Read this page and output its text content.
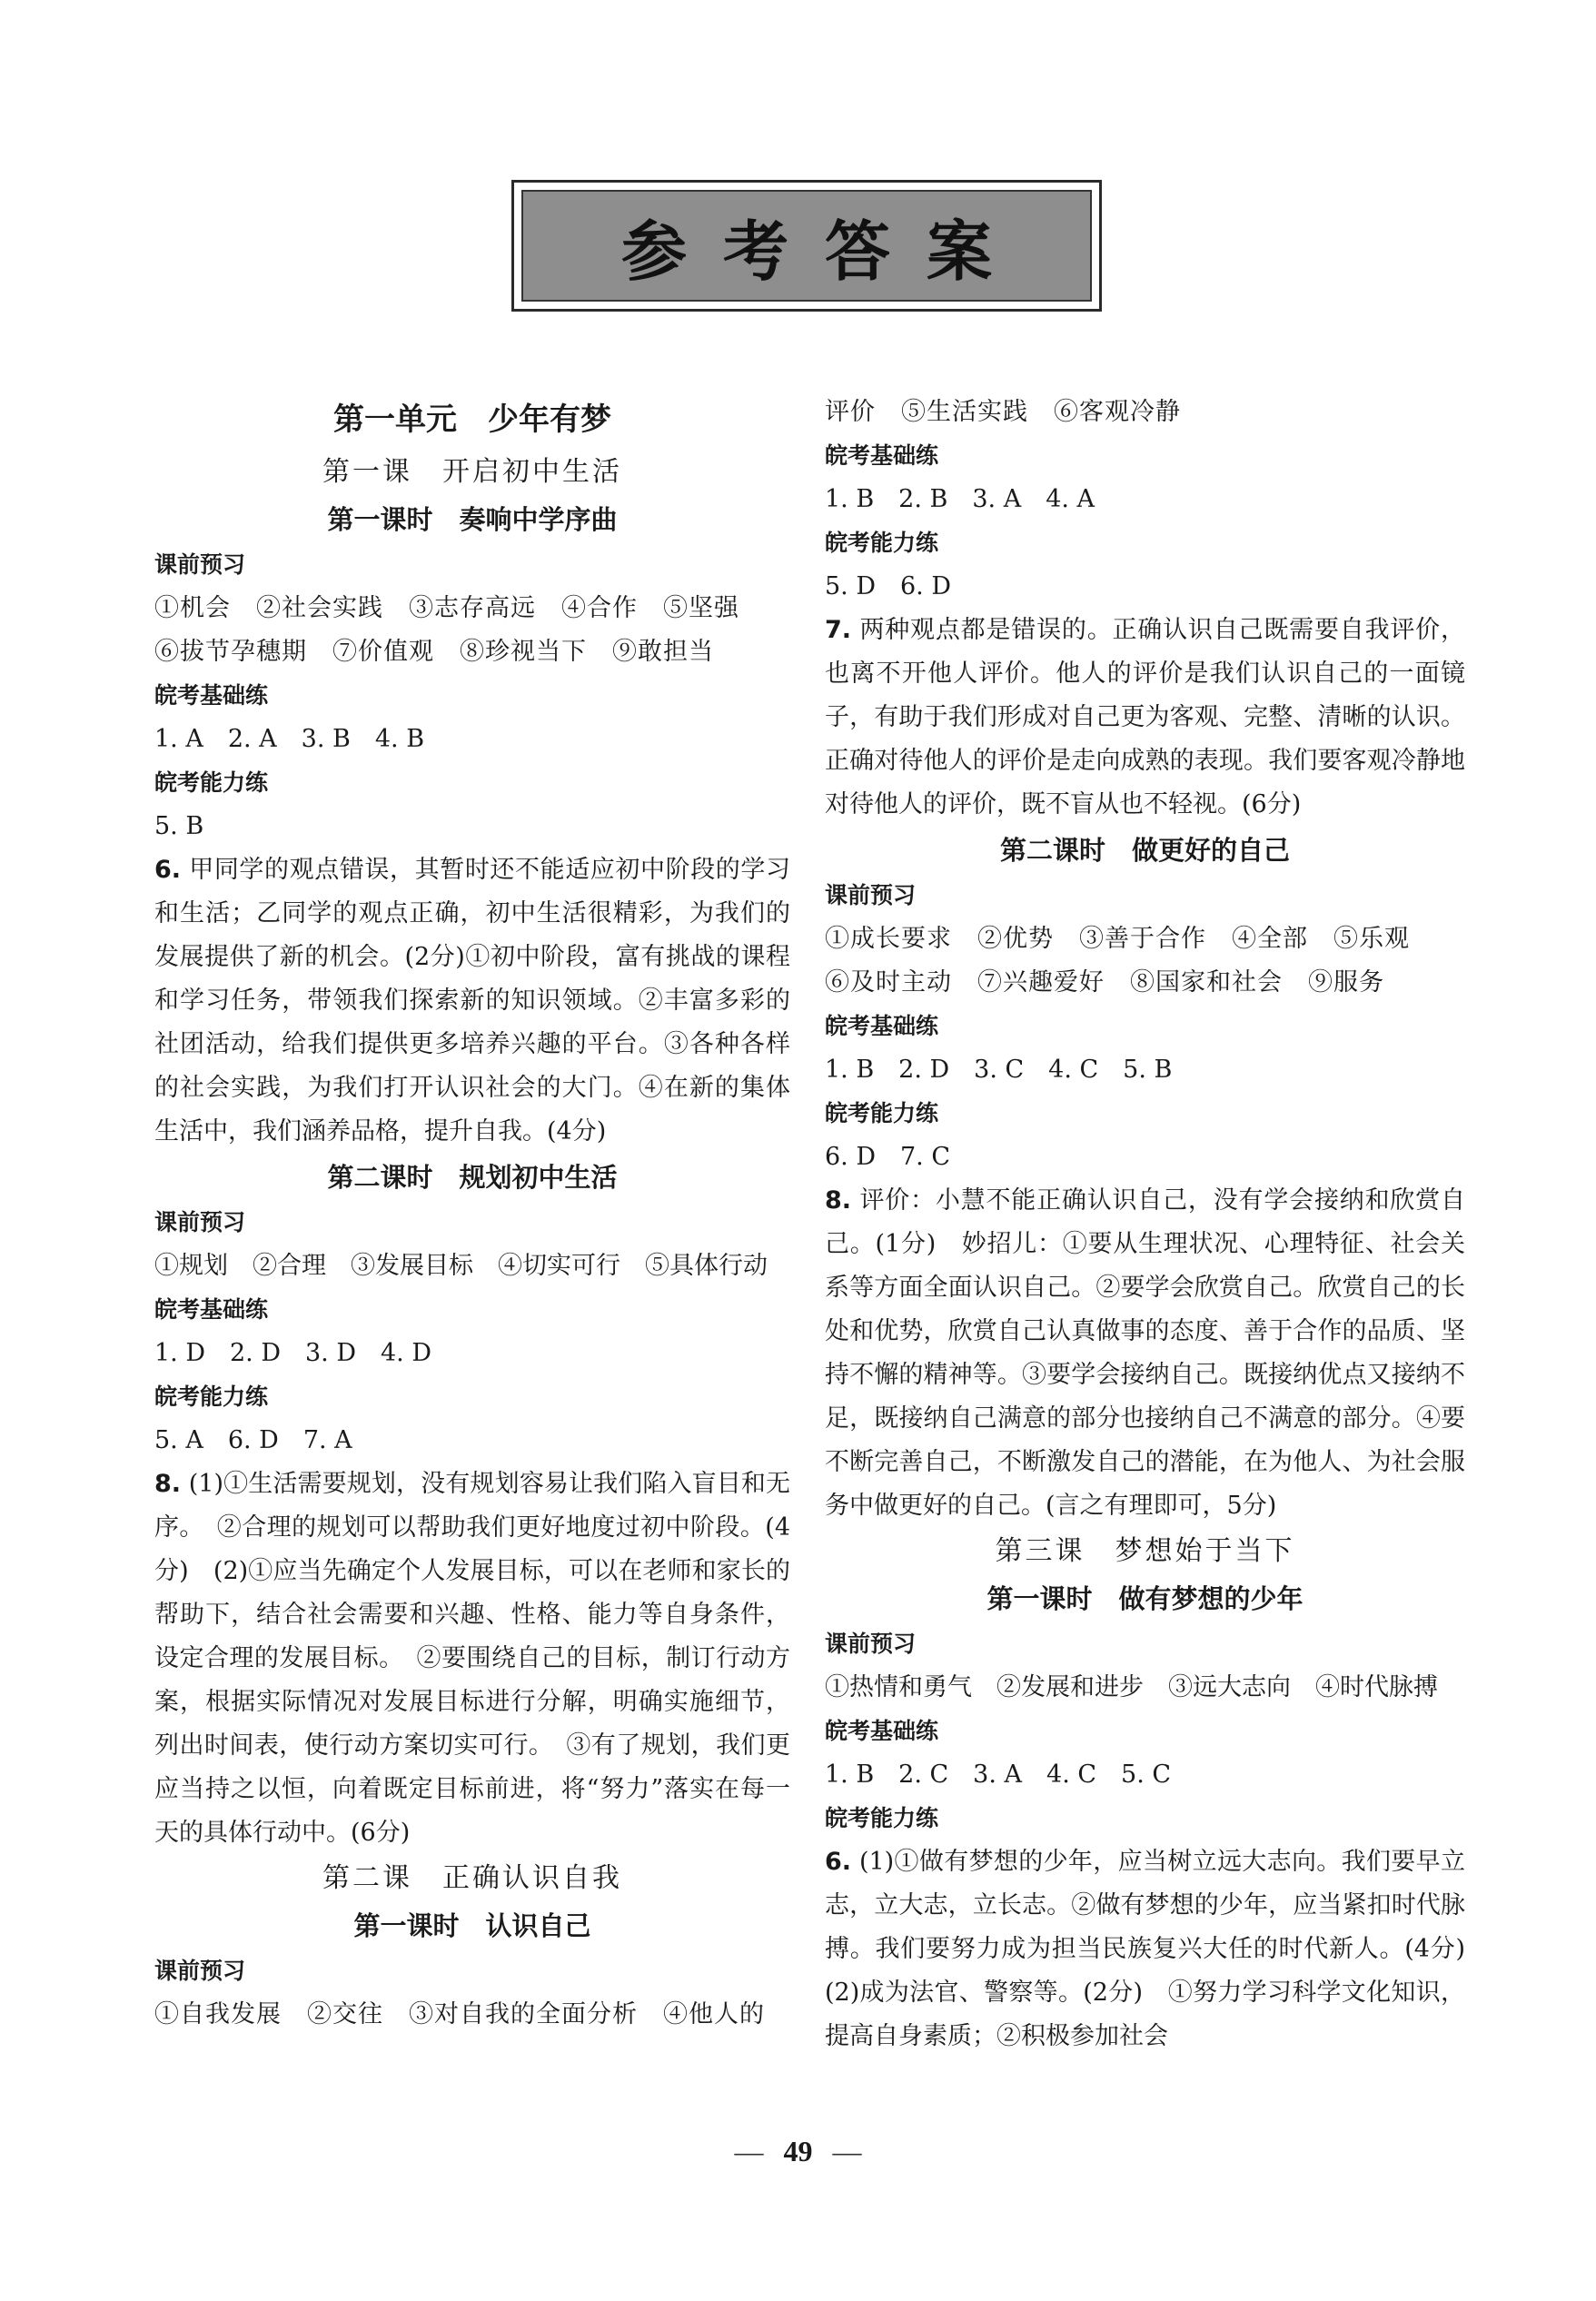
参考答案
第一单元　少年有梦
第一课　开启初中生活
第一课时　奏响中学序曲
课前预习
①机会　②社会实践　③志存高远　④合作　⑤坚强
⑥拔节孕穗期　⑦价值观　⑧珍视当下　⑨敢担当
皖考基础练
1. A　2. A　3. B　4. B
皖考能力练
5. B
6. 甲同学的观点错误，其暂时还不能适应初中阶段的学习和生活；乙同学的观点正确，初中生活很精彩，为我们的发展提供了新的机会。(2分)①初中阶段，富有挑战的课程和学习任务，带领我们探索新的知识领域。②丰富多彩的社团活动，给我们提供更多培养兴趣的平台。③各种各样的社会实践，为我们打开认识社会的大门。④在新的集体生活中，我们涵养品格，提升自我。(4分)
第二课时　规划初中生活
课前预习
①规划　②合理　③发展目标　④切实可行　⑤具体行动
皖考基础练
1. D　2. D　3. D　4. D
皖考能力练
5. A　6. D　7. A
8. (1)①生活需要规划，没有规划容易让我们陷入盲目和无序。　②合理的规划可以帮助我们更好地度过初中阶段。(4分)　(2)①应当先确定个人发展目标，可以在老师和家长的帮助下，结合社会需要和兴趣、性格、能力等自身条件，设定合理的发展目标。　②要围绕自己的目标，制订行动方案，根据实际情况对发展目标进行分解，明确实施细节，列出时间表，使行动方案切实可行。　③有了规划，我们更应当持之以恒，向着既定目标前进，将“努力”落实在每一天的具体行动中。(6分)
第二课　正确认识自我
第一课时　认识自己
课前预习
①自我发展　②交往　③对自我的全面分析　④他人的
评价　⑤生活实践　⑥客观冷静
皖考基础练
1. B　2. B　3. A　4. A
皖考能力练
5. D　6. D
7. 两种观点都是错误的。正确认识自己既需要自我评价，也离不开他人评价。他人的评价是我们认识自己的一面镜子，有助于我们形成对自己更为客观、完整、清晰的认识。正确对待他人的评价是走向成熟的表现。我们要客观冷静地对待他人的评价，既不盲从也不轻视。(6分)
第二课时　做更好的自己
课前预习
①成长要求　②优势　③善于合作　④全部　⑤乐观
⑥及时主动　⑦兴趣爱好　⑧国家和社会　⑨服务
皖考基础练
1. B　2. D　3. C　4. C　5. B
皖考能力练
6. D　7. C
8. 评价：小慧不能正确认识自己，没有学会接纳和欣赏自己。(1分)　妙招儿：①要从生理状况、心理特征、社会关系等方面全面认识自己。②要学会欣赏自己。欣赏自己的长处和优势，欣赏自己认真做事的态度、善于合作的品质、坚持不懈的精神等。③要学会接纳自己。既接纳优点又接纳不足，既接纳自己满意的部分也接纳自己不满意的部分。④要不断完善自己，不断激发自己的潜能，在为他人、为社会服务中做更好的自己。(言之有理即可，5分)
第三课　梦想始于当下
第一课时　做有梦想的少年
课前预习
①热情和勇气　②发展和进步　③远大志向　④时代脉搏
皖考基础练
1. B　2. C　3. A　4. C　5. C
皖考能力练
6. (1)①做有梦想的少年，应当树立远大志向。我们要早立志，立大志，立长志。②做有梦想的少年，应当紧扣时代脉搏。我们要努力成为担当民族复兴大任的时代新人。(4分)　(2)成为法官、警察等。(2分)　①努力学习科学文化知识，提高自身素质；②积极参加社会
— 49 —
